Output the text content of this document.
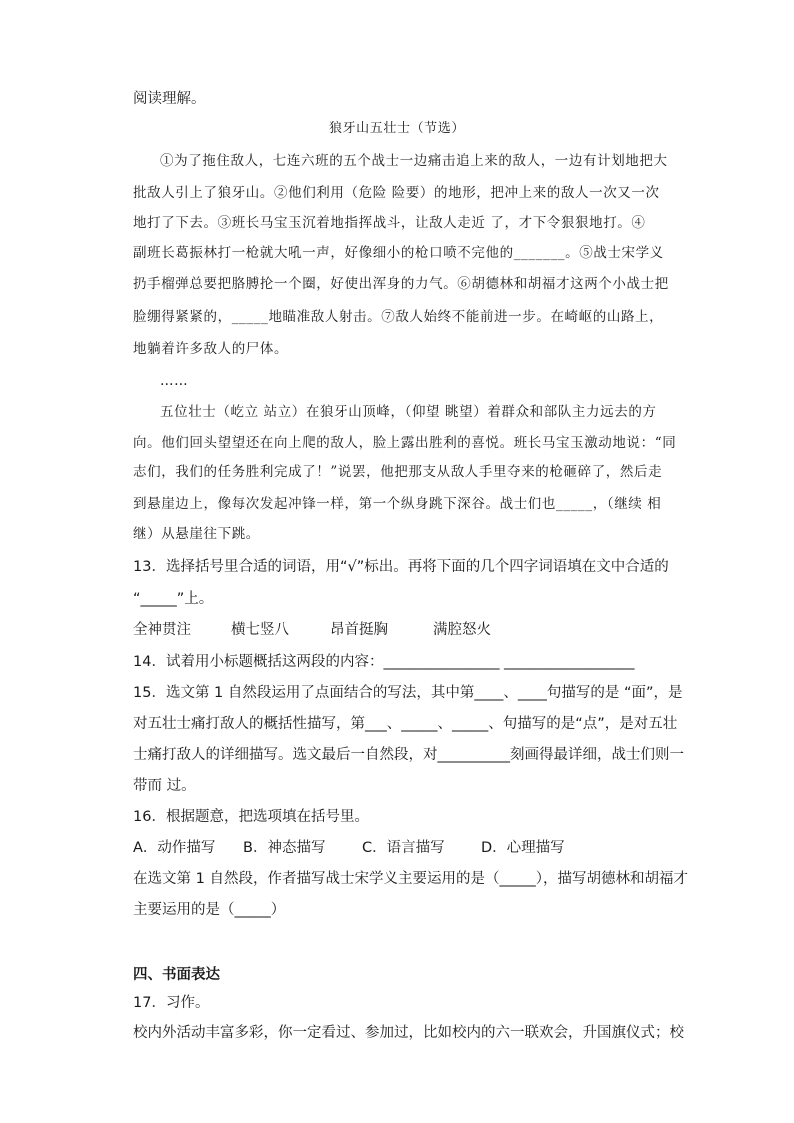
阅读理解。
狼牙山五壮士（节选）
①为了拖住敌人，七连六班的五个战士一边痛击追上来的敌人，一边有计划地把大
批敌人引上了狼牙山。②他们利用（危险 险要）的地形，把冲上来的敌人一次又一次
地打了下去。③班长马宝玉沉着地指挥战斗，让敌人走近 了，才下令狠狠地打。④
副班长葛振林打一枪就大吼一声，好像细小的枪口喷不完他的_______。⑤战士宋学义
扔手榴弹总要把胳膊抡一个圈，好使出浑身的力气。⑥胡德林和胡福才这两个小战士把
脸绷得紧紧的，_____地瞄准敌人射击。⑦敌人始终不能前进一步。在崎岖的山路上，
地躺着许多敌人的尸体。
……
五位壮士（屹立 站立）在狼牙山顶峰，（仰望 眺望）着群众和部队主力远去的方
向。他们回头望望还在向上爬的敌人，脸上露出胜利的喜悦。班长马宝玉激动地说：“同
志们，我们的任务胜利完成了！”说罢，他把那支从敌人手里夺来的枪砸碎了，然后走
到悬崖边上，像每次发起冲锋一样，第一个纵身跳下深谷。战士们也_____，（继续 相
继）从悬崖往下跳。
13．选择括号里合适的词语，用“√”标出。再将下面的几个四字词语填在文中合适的
“_____”上。
全神贯注	横七竖八	昂首挺胸	满腔怒火
14．试着用小标题概括这两段的内容：________________ __________________
15．选文第 1 自然段运用了点面结合的写法，其中第____、____句描写的是 “面”，是
对五壮士痛打敌人的概括性描写，第___、_____、_____、句描写的是“点”，是对五壮
士痛打敌人的详细描写。选文最后一自然段，对__________刻画得最详细，战士们则一
带而 过。
16．根据题意，把选项填在括号里。
A．动作描写 B．神态描写	C．语言描写	D．心理描写
在选文第 1 自然段，作者描写战士宋学义主要运用的是（_____），描写胡德林和胡福才
主要运用的是（_____）
四、书面表达
17．习作。
校内外活动丰富多彩，你一定看过、参加过，比如校内的六一联欢会，升国旗仪式；校
